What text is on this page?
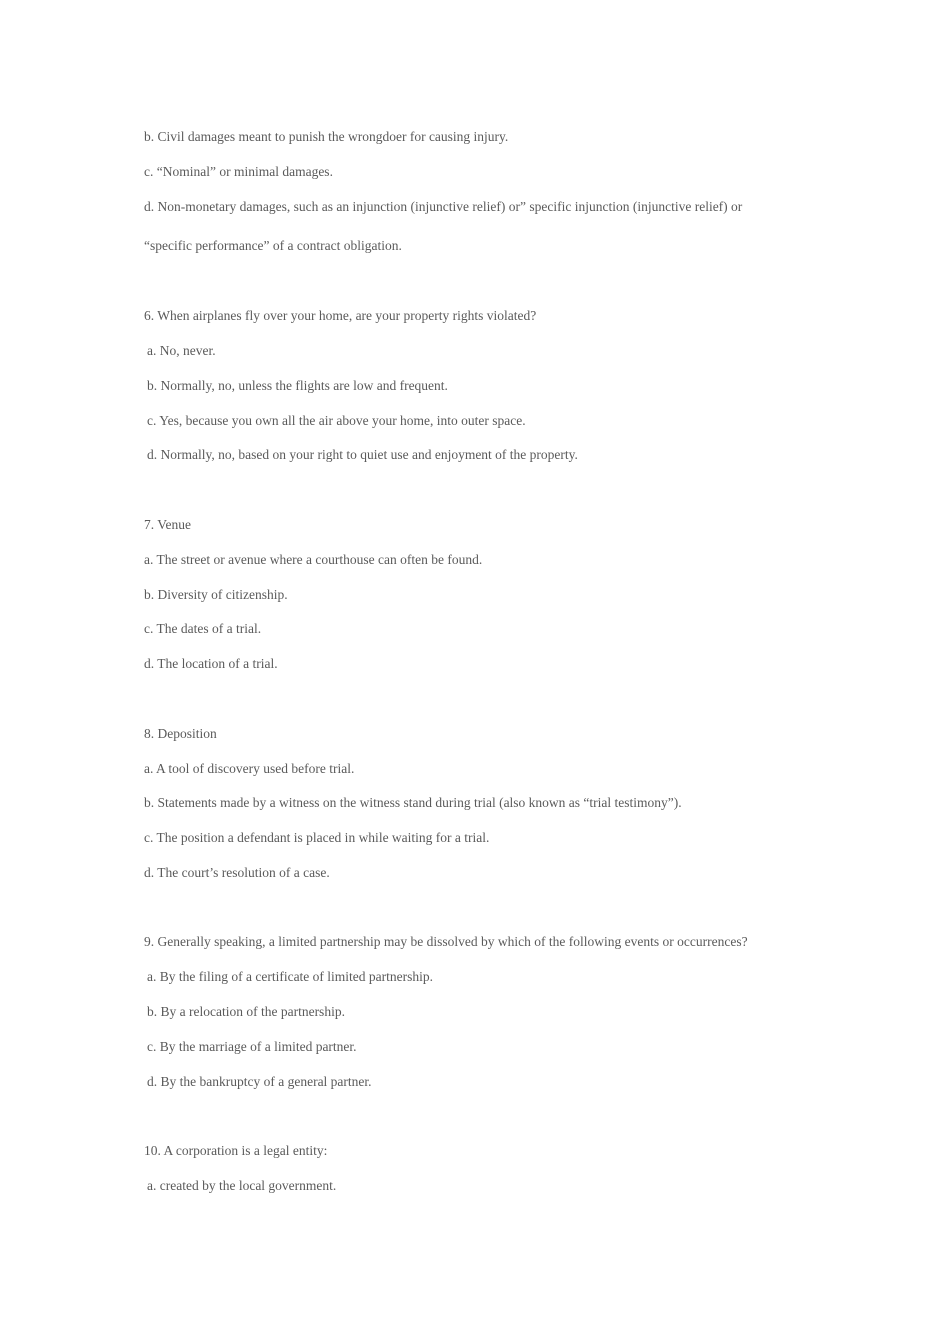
b. Civil damages meant to punish the wrongdoer for causing injury.
c. “Nominal” or minimal damages.
d. Non-monetary damages, such as an injunction (injunctive relief) or” specific injunction (injunctive relief) or
“specific performance” of a contract obligation.
6. When airplanes fly over your home, are your property rights violated?
a. No, never.
b. Normally, no, unless the flights are low and frequent.
c. Yes, because you own all the air above your home, into outer space.
d. Normally, no, based on your right to quiet use and enjoyment of the property.
7. Venue
a. The street or avenue where a courthouse can often be found.
b. Diversity of citizenship.
c. The dates of a trial.
d. The location of a trial.
8. Deposition
a. A tool of discovery used before trial.
b. Statements made by a witness on the witness stand during trial (also known as “trial testimony”).
c. The position a defendant is placed in while waiting for a trial.
d. The court’s resolution of a case.
9. Generally speaking, a limited partnership may be dissolved by which of the following events or occurrences?
a. By the filing of a certificate of limited partnership.
b. By a relocation of the partnership.
c. By the marriage of a limited partner.
d. By the bankruptcy of a general partner.
10. A corporation is a legal entity:
a. created by the local government.
